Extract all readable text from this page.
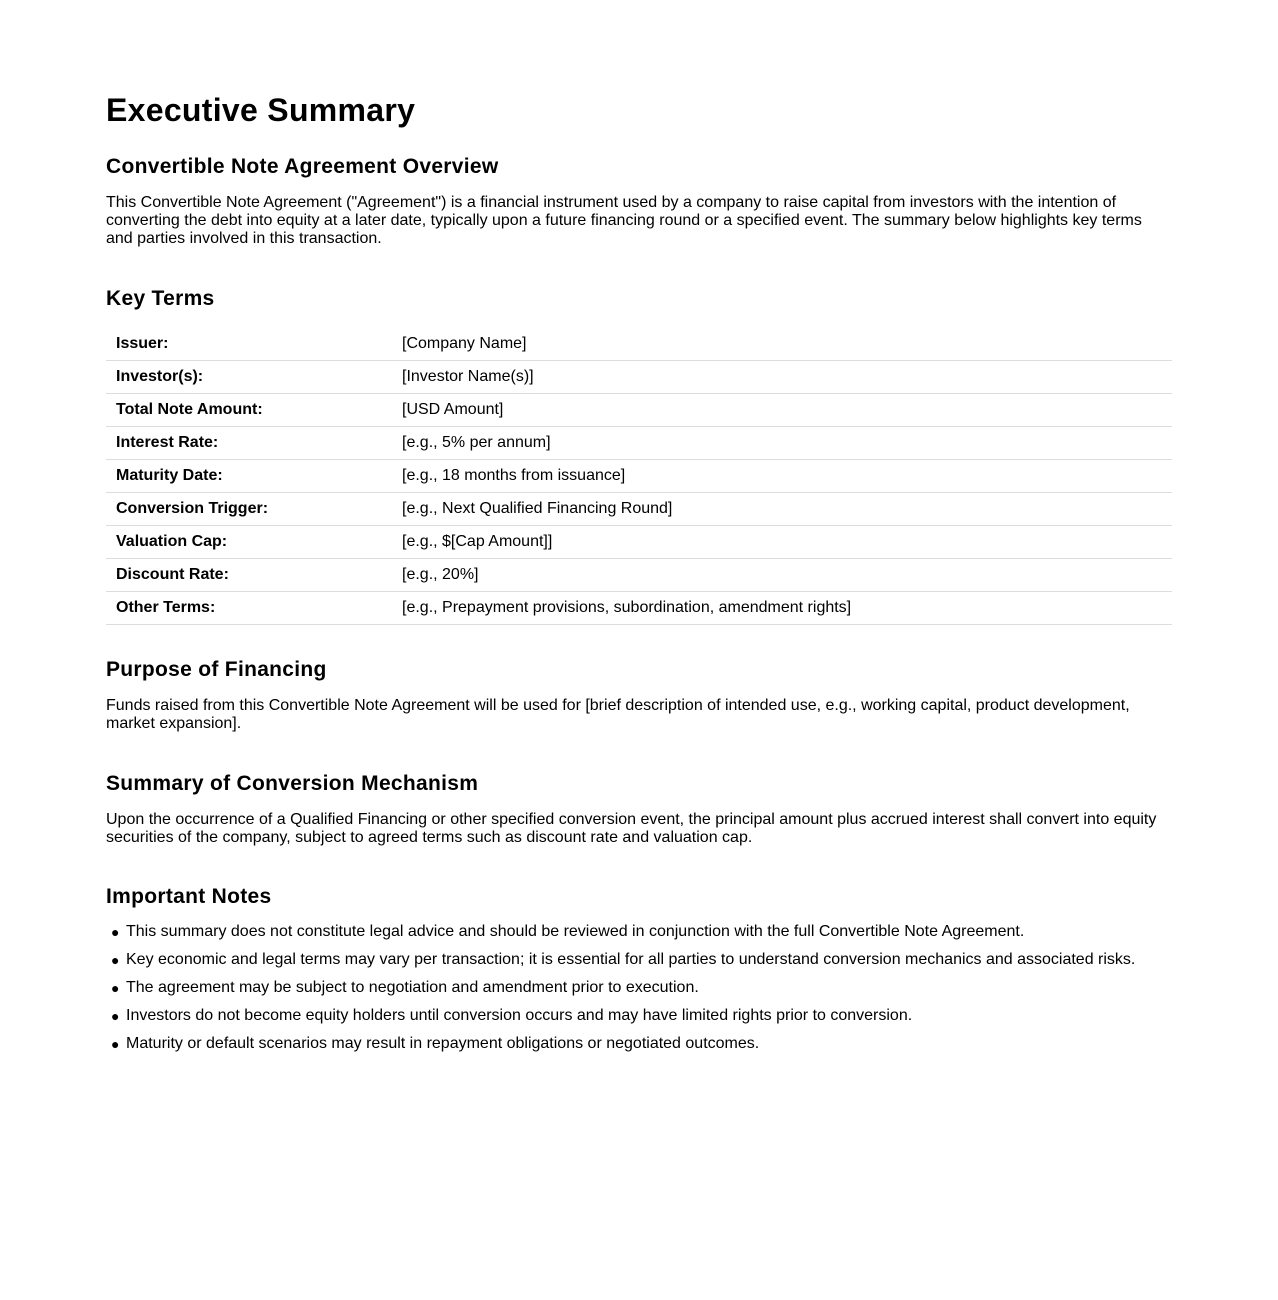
Executive Summary
Convertible Note Agreement Overview

This Convertible Note Agreement ("Agreement") is a financial instrument used by a company to raise capital from investors with the intention of converting the debt into equity at a later date, typically upon a future financing round or a specified event. The summary below highlights key terms and parties involved in this transaction.

Key Terms
Issuer:	[Company Name]
Investor(s):	[Investor Name(s)]
Total Note Amount:	[USD Amount]
Interest Rate:	[e.g., 5% per annum]
Maturity Date:	[e.g., 18 months from issuance]
Conversion Trigger:	[e.g., Next Qualified Financing Round]
Valuation Cap:	[e.g., $[Cap Amount]]
Discount Rate:	[e.g., 20%]
Other Terms:	[e.g., Prepayment provisions, subordination, amendment rights]
Purpose of Financing

Funds raised from this Convertible Note Agreement will be used for [brief description of intended use, e.g., working capital, product development, market expansion].

Summary of Conversion Mechanism

Upon the occurrence of a Qualified Financing or other specified conversion event, the principal amount plus accrued interest shall convert into equity securities of the company, subject to agreed terms such as discount rate and valuation cap.

Important Notes
● This summary does not constitute legal advice and should be reviewed in conjunction with the full Convertible Note Agreement.
● Key economic and legal terms may vary per transaction; it is essential for all parties to understand conversion mechanics and associated risks.
● The agreement may be subject to negotiation and amendment prior to execution.
● Investors do not become equity holders until conversion occurs and may have limited rights prior to conversion.
● Maturity or default scenarios may result in repayment obligations or negotiated outcomes.
